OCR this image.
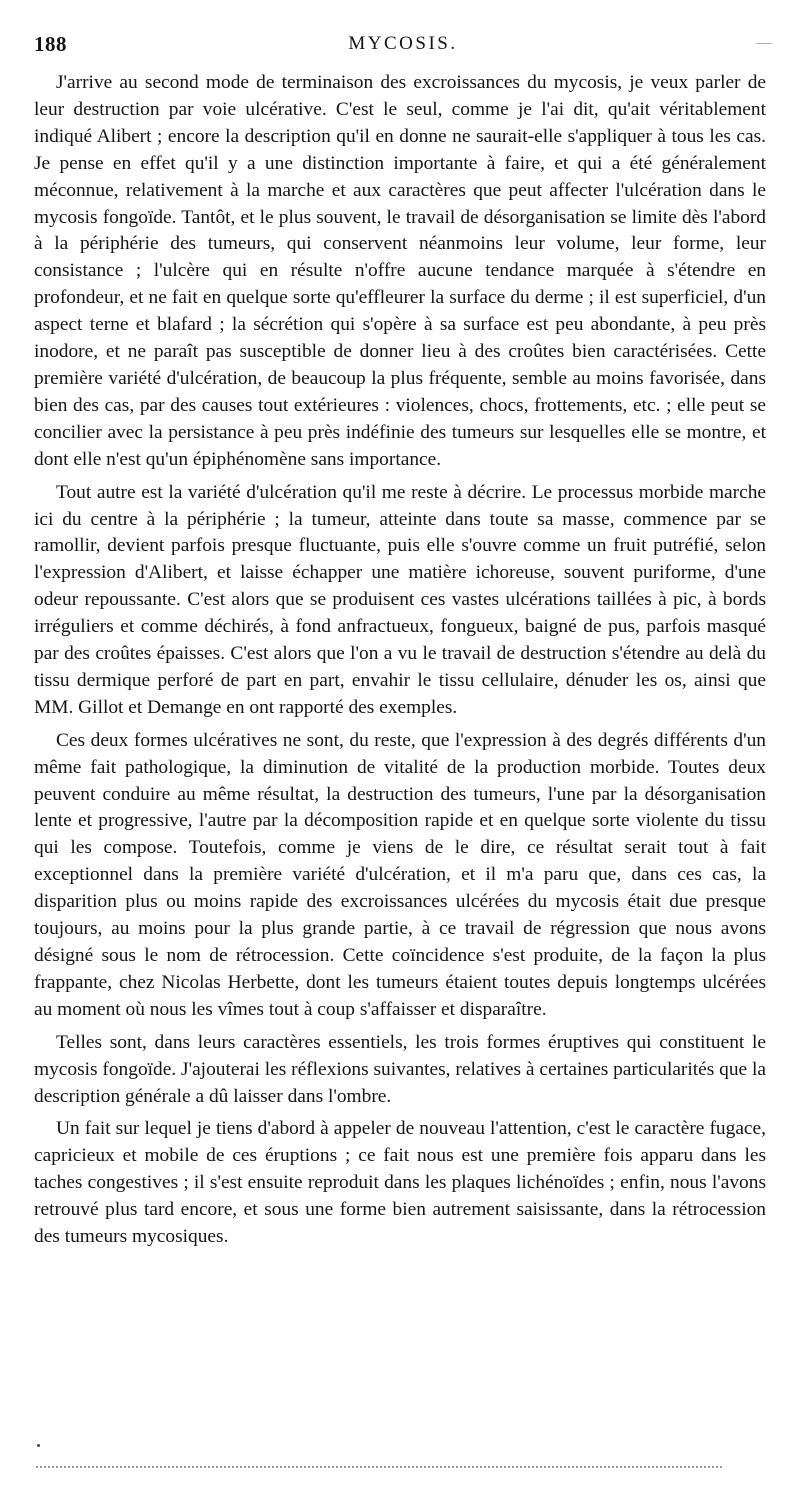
188	MYCOSIS.

J'arrive au second mode de terminaison des excroissances du mycosis, je veux parler de leur destruction par voie ulcérative. C'est le seul, comme je l'ai dit, qu'ait véritablement indiqué Alibert ; encore la description qu'il en donne ne saurait-elle s'appliquer à tous les cas. Je pense en effet qu'il y a une distinction importante à faire, et qui a été généralement méconnue, relativement à la marche et aux caractères que peut affecter l'ulcération dans le mycosis fongoïde. Tantôt, et le plus souvent, le travail de désorganisation se limite dès l'abord à la périphérie des tumeurs, qui conservent néanmoins leur volume, leur forme, leur consistance ; l'ulcère qui en résulte n'offre aucune tendance marquée à s'étendre en profondeur, et ne fait en quelque sorte qu'effleurer la surface du derme ; il est superficiel, d'un aspect terne et blafard ; la sécrétion qui s'opère à sa surface est peu abondante, à peu près inodore, et ne paraît pas susceptible de donner lieu à des croûtes bien caractérisées. Cette première variété d'ulcération, de beaucoup la plus fréquente, semble au moins favorisée, dans bien des cas, par des causes tout extérieures : violences, chocs, frottements, etc. ; elle peut se concilier avec la persistance à peu près indéfinie des tumeurs sur lesquelles elle se montre, et dont elle n'est qu'un épiphénomène sans importance.

Tout autre est la variété d'ulcération qu'il me reste à décrire. Le processus morbide marche ici du centre à la périphérie ; la tumeur, atteinte dans toute sa masse, commence par se ramollir, devient parfois presque fluctuante, puis elle s'ouvre comme un fruit putréfié, selon l'expression d'Alibert, et laisse échapper une matière ichoreuse, souvent puriforme, d'une odeur repoussante. C'est alors que se produisent ces vastes ulcérations taillées à pic, à bords irréguliers et comme déchirés, à fond anfractueux, fongueux, baigné de pus, parfois masqué par des croûtes épaisses. C'est alors que l'on a vu le travail de destruction s'étendre au delà du tissu dermique perforé de part en part, envahir le tissu cellulaire, dénuder les os, ainsi que MM. Gillot et Demange en ont rapporté des exemples.

Ces deux formes ulcératives ne sont, du reste, que l'expression à des degrés différents d'un même fait pathologique, la diminution de vitalité de la production morbide. Toutes deux peuvent conduire au même résultat, la destruction des tumeurs, l'une par la désorganisation lente et progressive, l'autre par la décomposition rapide et en quelque sorte violente du tissu qui les compose. Toutefois, comme je viens de le dire, ce résultat serait tout à fait exceptionnel dans la première variété d'ulcération, et il m'a paru que, dans ces cas, la disparition plus ou moins rapide des excroissances ulcérées du mycosis était due presque toujours, au moins pour la plus grande partie, à ce travail de régression que nous avons désigné sous le nom de rétrocession. Cette coïncidence s'est produite, de la façon la plus frappante, chez Nicolas Herbette, dont les tumeurs étaient toutes depuis longtemps ulcérées au moment où nous les vîmes tout à coup s'affaisser et disparaître.

Telles sont, dans leurs caractères essentiels, les trois formes éruptives qui constituent le mycosis fongoïde. J'ajouterai les réflexions suivantes, relatives à certaines particularités que la description générale a dû laisser dans l'ombre.

Un fait sur lequel je tiens d'abord à appeler de nouveau l'attention, c'est le caractère fugace, capricieux et mobile de ces éruptions ; ce fait nous est une première fois apparu dans les taches congestives ; il s'est ensuite reproduit dans les plaques lichénoïdes ; enfin, nous l'avons retrouvé plus tard encore, et sous une forme bien autrement saisissante, dans la rétrocession des tumeurs mycosiques.
